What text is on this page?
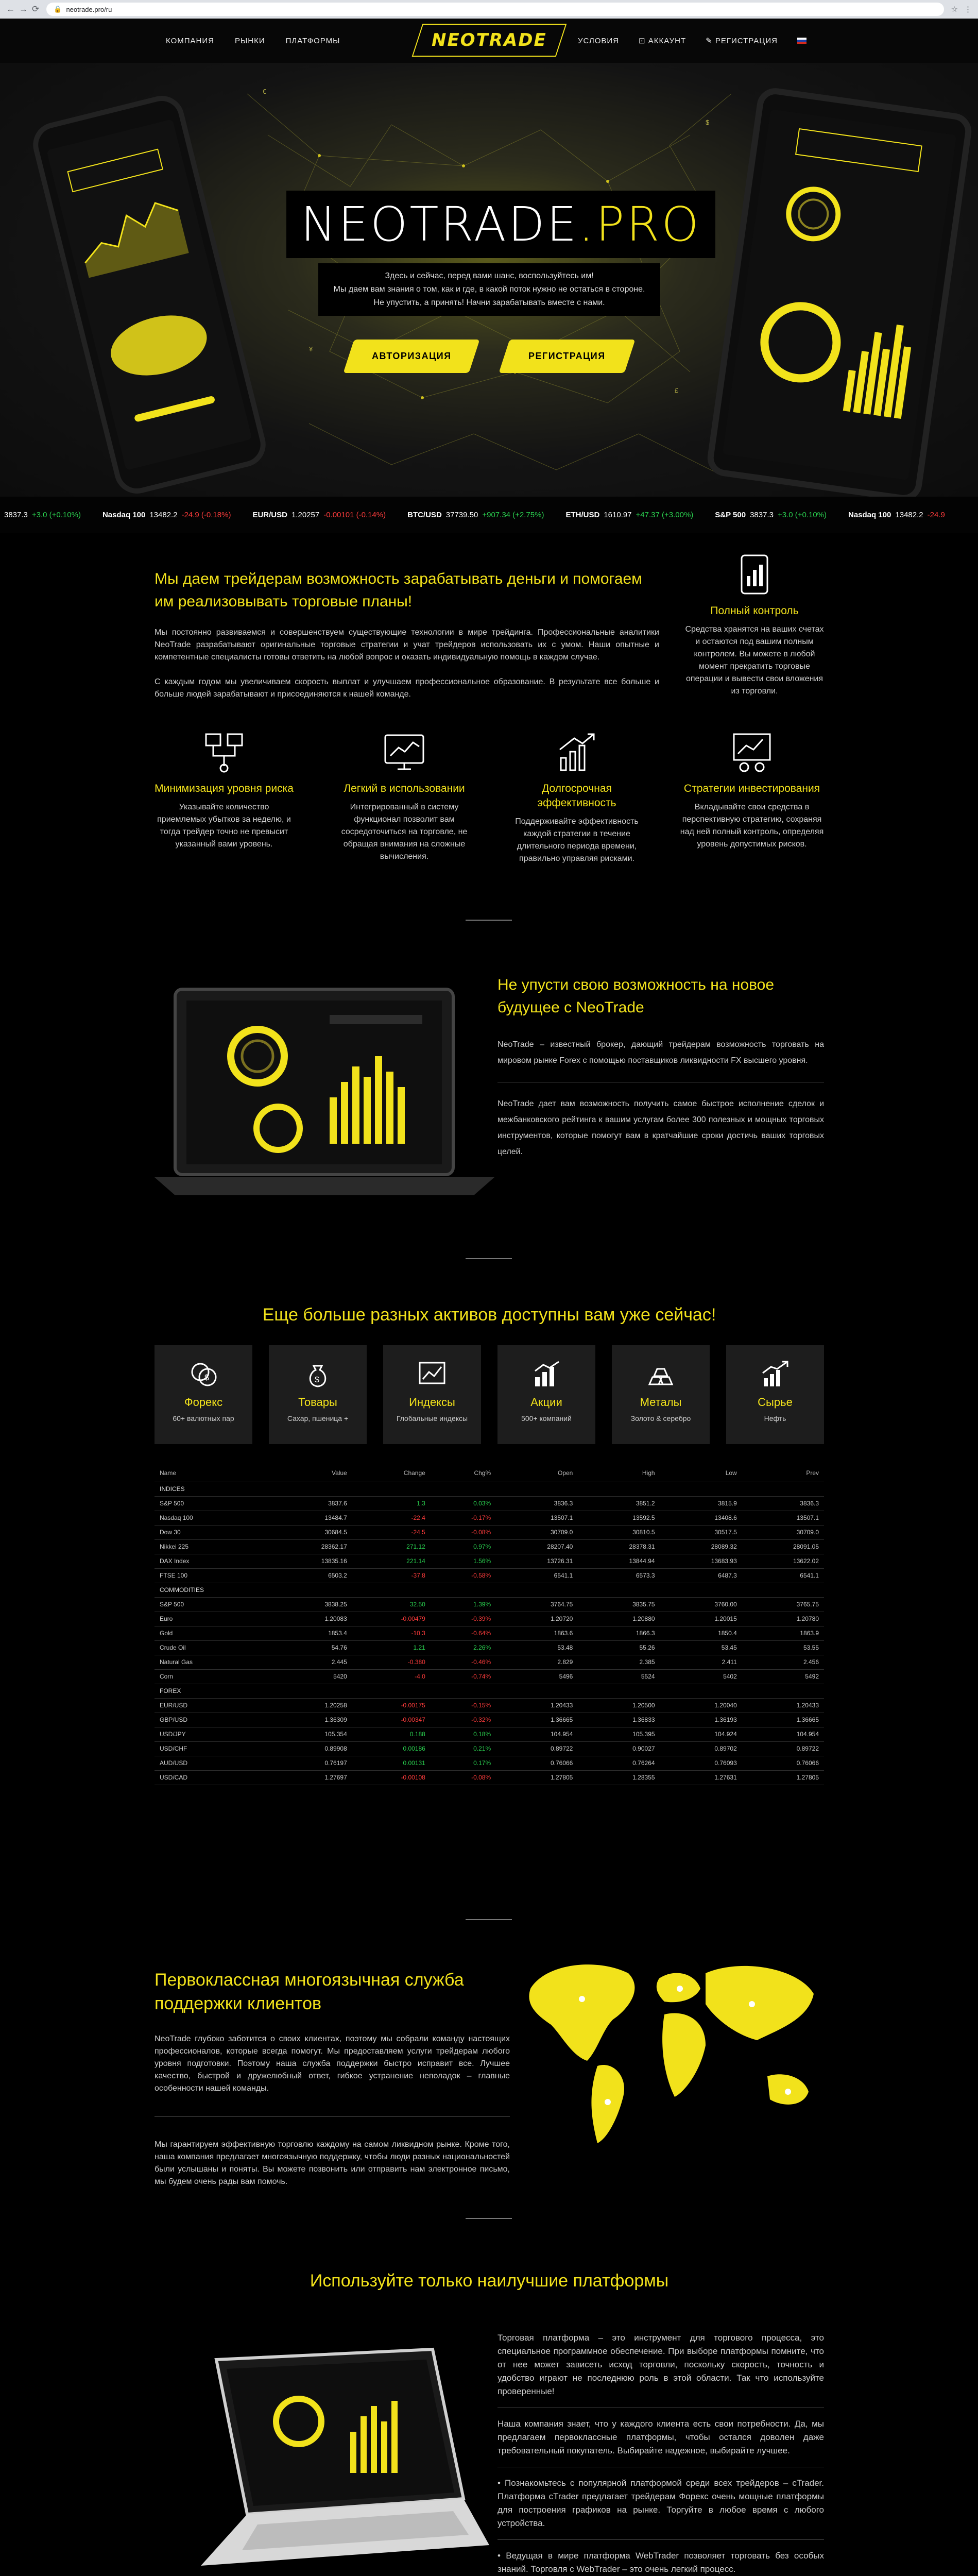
← → ⟳ 🔒 neotrade.pro/ru	☆ ⋮
КОМПАНИЯ	РЫНКИ	ПЛАТФОРМЫ	NEOTRADE	УСЛОВИЯ	⊡ АККАУНТ	✎ РЕГИСТРАЦИЯ
€
$
¥
£
NEOTRADE.PRO

Здесь и сейчас, перед вами шанс, воспользуйтесь им!
Мы даем вам знания о том, как и где, в какой поток нужно не остаться в стороне.
Не упустить, а принять! Начни зарабатывать вместе с нами.
АВТОРИЗАЦИЯ	РЕГИСТРАЦИЯ
3837.3 +3.0 (+0.10%)	Nasdaq 100 13482.2 -24.9 (-0.18%)	EUR/USD 1.20257 -0.00101 (-0.14%)	BTC/USD 37739.50 +907.34 (+2.75%)	ETH/USD 1610.97 +47.37 (+3.00%)	S&P 500 3837.3 +3.0 (+0.10%)	Nasdaq 100 13482.2 -24.9
Мы даем трейдерам возможность зарабатывать деньги и помогаем им реализовывать торговые планы!

Мы постоянно развиваемся и совершенствуем существующие технологии в мире трейдинга. Профессиональные аналитики NeoTrade разрабатывают оригинальные торговые стратегии и учат трейдеров использовать их с умом. Наши опытные и компетентные специалисты готовы ответить на любой вопрос и оказать индивидуальную помощь в каждом случае.

С каждым годом мы увеличиваем скорость выплат и улучшаем профессиональное образование. В результате все больше и больше людей зарабатывают и присоединяются к нашей команде.

Полный контроль
Средства хранятся на ваших счетах и остаются под вашим полным контролем. Вы можете в любой момент прекратить торговые операции и вывести свои вложения из торговли.
Минимизация уровня риска
Указывайте количество приемлемых убытков за неделю, и тогда трейдер точно не превысит указанный вами уровень.
Легкий в использовании
Интегрированный в систему функционал позволит вам сосредоточиться на торговле, не обращая внимания на сложные вычисления.
Долгосрочная эффективность
Поддерживайте эффективность каждой стратегии в течение длительного периода времени, правильно управляя рисками.
Стратегии инвестирования
Вкладывайте свои средства в перспективную стратегию, сохраняя над ней полный контроль, определяя уровень допустимых рисков.
Не упусти свою возможность на новое будущее с NeoTrade

NeoTrade – известный брокер, дающий трейдерам возможность торговать на мировом рынке Forex с помощью поставщиков ликвидности FX высшего уровня.

NeoTrade дает вам возможность получить самое быстрое исполнение сделок и межбанковского рейтинга к вашим услугам более 300 полезных и мощных торговых инструментов, которые помогут вам в кратчайшие сроки достичь ваших торговых целей.

Еще больше разных активов доступны вам уже сейчас!
$
Форекс
60+ валютных пар
$
Товары
Сахар, пшеница +
Индексы
Глобальные индексы
Акции
500+ компаний
Металы
Золото & серебро
Сырье
Нефть
Name	Value	Change	Chg%	Open	High	Low	Prev
INDICES							
S&P 500	3837.6	1.3	0.03%	3836.3	3851.2	3815.9	3836.3
Nasdaq 100	13484.7	-22.4	-0.17%	13507.1	13592.5	13408.6	13507.1
Dow 30	30684.5	-24.5	-0.08%	30709.0	30810.5	30517.5	30709.0
Nikkei 225	28362.17	271.12	0.97%	28207.40	28378.31	28089.32	28091.05
DAX Index	13835.16	221.14	1.56%	13726.31	13844.94	13683.93	13622.02
FTSE 100	6503.2	-37.8	-0.58%	6541.1	6573.3	6487.3	6541.1
COMMODITIES							
S&P 500	3838.25	32.50	1.39%	3764.75	3835.75	3760.00	3765.75
Euro	1.20083	-0.00479	-0.39%	1.20720	1.20880	1.20015	1.20780
Gold	1853.4	-10.3	-0.64%	1863.6	1866.3	1850.4	1863.9
Crude Oil	54.76	1.21	2.26%	53.48	55.26	53.45	53.55
Natural Gas	2.445	-0.380	-0.46%	2.829	2.385	2.411	2.456
Corn	5420	-4.0	-0.74%	5496	5524	5402	5492
FOREX							
EUR/USD	1.20258	-0.00175	-0.15%	1.20433	1.20500	1.20040	1.20433
GBP/USD	1.36309	-0.00347	-0.32%	1.36665	1.36833	1.36193	1.36665
USD/JPY	105.354	0.188	0.18%	104.954	105.395	104.924	104.954
USD/CHF	0.89908	0.00186	0.21%	0.89722	0.90027	0.89702	0.89722
AUD/USD	0.76197	0.00131	0.17%	0.76066	0.76264	0.76093	0.76066
USD/CAD	1.27697	-0.00108	-0.08%	1.27805	1.28355	1.27631	1.27805
Первоклассная многоязычная служба поддержки клиентов

NeoTrade глубоко заботится о своих клиентах, поэтому мы собрали команду настоящих профессионалов, которые всегда помогут. Мы предоставляем услуги трейдерам любого уровня подготовки. Поэтому наша служба поддержки быстро исправит все. Лучшее качество, быстрой и дружелюбный ответ, гибкое устранение неполадок – главные особенности нашей команды.

Мы гарантируем эффективную торговлю каждому на самом ликвидном рынке. Кроме того, наша компания предлагает многоязычную поддержку, чтобы люди разных национальностей были услышаны и поняты. Вы можете позвонить или отправить нам электронное письмо, мы будем очень рады вам помочь.

Используйте только наилучшие платформы

Торговая платформа – это инструмент для торгового процесса, это специальное программное обеспечение. При выборе платформы помните, что от нее может зависеть исход торговли, поскольку скорость, точность и удобство играют не последнюю роль в этой области. Так что используйте проверенные!

Наша компания знает, что у каждого клиента есть свои потребности. Да, мы предлагаем первоклассные платформы, чтобы остался доволен даже требовательный покупатель. Выбирайте надежное, выбирайте лучшее.

• Познакомьтесь с популярной платформой среди всех трейдеров – cTrader. Платформа cTrader предлагает трейдерам Форекс очень мощные платформы для построения графиков на рынке. Торгуйте в любое время с любого устройства.

• Ведущая в мире платформа WebTrader позволяет торговать без особых знаний. Торговля с WebTrader – это очень легкий процесс.
